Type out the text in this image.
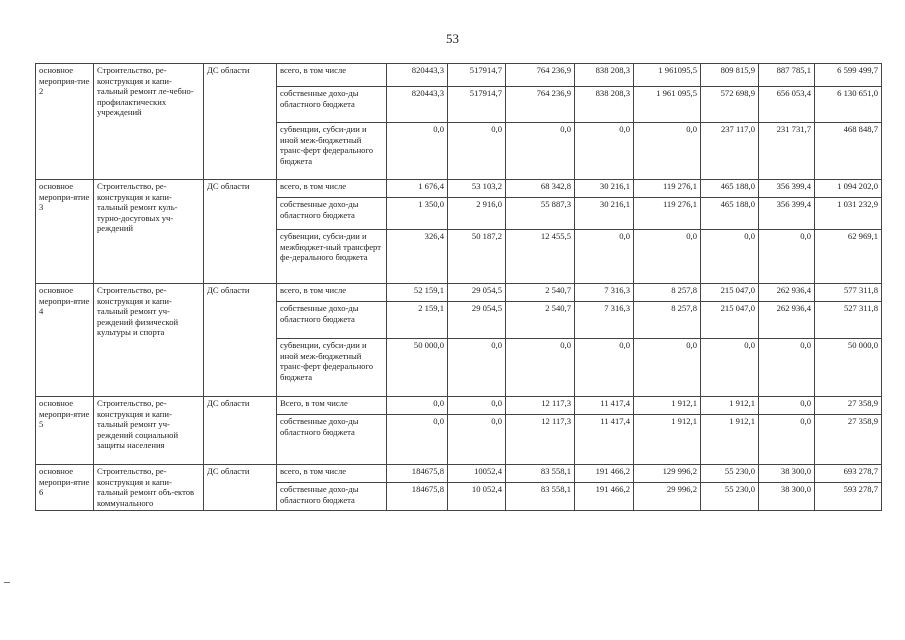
53
основное мероприя-тие 2	Строительство, ре-конструкция и капи-тальный ремонт ле-чебно-профилактических учреждений	ДС области	всего, в том числе	820443,3	517914,7	764 236,9	838 208,3	1 961095,5	809 815,9	887 785,1	6 599 499,7
			собственные дохо-ды областного бюджета	820443,3	517914,7	764 236,9	838 208,3	1 961 095,5	572 698,9	656 053,4	6 130 651,0
			субвенции, субси-дии и иной меж-бюджетный транс-ферт федерального бюджета	0,0	0,0	0,0	0,0	0,0	237 117,0	231 731,7	468 848,7
основное меропри-ятие 3	Строительство, ре-конструкция и капи-тальный ремонт куль-турно-досуговых уч-реждений	ДС области	всего, в том числе	1 676,4	53 103,2	68 342,8	30 216,1	119 276,1	465 188,0	356 399,4	1 094 202,0
			собственные дохо-ды областного бюджета	1 350,0	2 916,0	55 887,3	30 216,1	119 276,1	465 188,0	356 399,4	1 031 232,9
			субвенции, субси-дии и межбюджет-ный трансферт фе-дерального бюджета	326,4	50 187,2	12 455,5	0,0	0,0	0,0	0,0	62 969,1
основное меропри-ятие 4	Строительство, ре-конструкция и капи-тальный ремонт уч-реждений физической культуры и спорта	ДС области	всего, в том числе	52 159,1	29 054,5	2 540,7	7 316,3	8 257,8	215 047,0	262 936,4	577 311,8
			собственные дохо-ды областного бюджета	2 159,1	29 054,5	2 540,7	7 316,3	8 257,8	215 047,0	262 936,4	527 311,8
			субвенции, субси-дии и иной меж-бюджетный транс-ферт федерального бюджета	50 000,0	0,0	0,0	0,0	0,0	0,0	0,0	50 000,0
основное меропри-ятие 5	Строительство, ре-конструкция и капи-тальный ремонт уч-реждений социальной защиты населения	ДС области	Всего, в том числе	0,0	0,0	12 117,3	11 417,4	1 912,1	1 912,1	0,0	27 358,9
			собственные дохо-ды областного бюджета	0,0	0,0	12 117,3	11 417,4	1 912,1	1 912,1	0,0	27 358,9
основное меропри-ятие 6	Строительство, ре-конструкция и капи-тальный ремонт объ-ектов коммунального	ДС области	всего, в том числе	184675,8	10052,4	83 558,1	191 466,2	129 996,2	55 230,0	38 300,0	693 278,7
			собственные дохо-ды областного бюджета	184675,8	10 052,4	83 558,1	191 466,2	29 996,2	55 230,0	38 300,0	593 278,7
